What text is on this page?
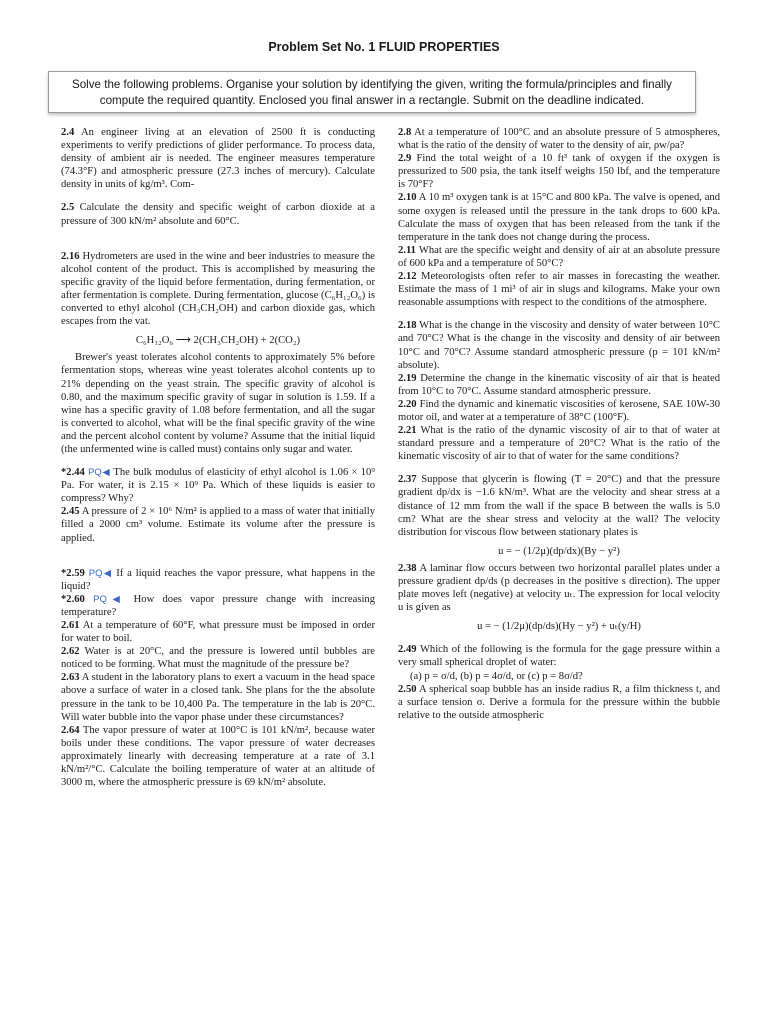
Problem Set No. 1 FLUID PROPERTIES
Solve the following problems. Organise your solution by identifying the given, writing the formula/principles and finally compute the required quantity. Enclosed you final answer in a rectangle. Submit on the deadline indicated.

2.4 An engineer living at an elevation of 2500 ft is conducting experiments to verify predictions of glider performance. To process data, density of ambient air is needed. The engineer measures temperature (74.3°F) and atmospheric pressure (27.3 inches of mercury). Calculate density in units of kg/m³. Com-

2.5 Calculate the density and specific weight of carbon dioxide at a pressure of 300 kN/m² absolute and 60°C.

2.16 Hydrometers are used in the wine and beer industries to measure the alcohol content of the product. This is accomplished by measuring the specific gravity of the liquid before fermentation, during fermentation, or after fermentation is complete. During fermentation, glucose (C₆H₁₂O₆) is converted to ethyl alcohol (CH₃CH₂OH) and carbon dioxide gas, which escapes from the vat.

C₆H₁₂O₆ ⟶ 2(CH₃CH₂OH) + 2(CO₂)

Brewer's yeast tolerates alcohol contents to approximately 5% before fermentation stops, whereas wine yeast tolerates alcohol contents up to 21% depending on the yeast strain. The specific gravity of alcohol is 0.80, and the maximum specific gravity of sugar in solution is 1.59. If a wine has a specific gravity of 1.08 before fermentation, and all the sugar is converted to alcohol, what will be the final specific gravity of the wine and the percent alcohol content by volume? Assume that the initial liquid (the unfermented wine is called must) contains only sugar and water.

*2.44 PQ◀ The bulk modulus of elasticity of ethyl alcohol is 1.06 × 10⁹ Pa. For water, it is 2.15 × 10⁹ Pa. Which of these liquids is easier to compress? Why?

2.45 A pressure of 2 × 10⁶ N/m² is applied to a mass of water that initially filled a 2000 cm³ volume. Estimate its volume after the pressure is applied.

*2.59 PQ◀ If a liquid reaches the vapor pressure, what happens in the liquid?

*2.60 PQ◀ How does vapor pressure change with increasing temperature?

2.61 At a temperature of 60°F, what pressure must be imposed in order for water to boil.

2.62 Water is at 20°C, and the pressure is lowered until bubbles are noticed to be forming. What must the magnitude of the pressure be?

2.63 A student in the laboratory plans to exert a vacuum in the head space above a surface of water in a closed tank. She plans for the the absolute pressure in the tank to be 10,400 Pa. The temperature in the lab is 20°C. Will water bubble into the vapor phase under these circumstances?

2.64 The vapor pressure of water at 100°C is 101 kN/m², because water boils under these conditions. The vapor pressure of water decreases approximately linearly with decreasing temperature at a rate of 3.1 kN/m²/°C. Calculate the boiling temperature of water at an altitude of 3000 m, where the atmospheric pressure is 69 kN/m² absolute.

2.8 At a temperature of 100°C and an absolute pressure of 5 atmospheres, what is the ratio of the density of water to the density of air, ρw/ρa?

2.9 Find the total weight of a 10 ft³ tank of oxygen if the oxygen is pressurized to 500 psia, the tank itself weighs 150 lbf, and the temperature is 70°F?

2.10 A 10 m³ oxygen tank is at 15°C and 800 kPa. The valve is opened, and some oxygen is released until the pressure in the tank drops to 600 kPa. Calculate the mass of oxygen that has been released from the tank if the temperature in the tank does not change during the process.

2.11 What are the specific weight and density of air at an absolute pressure of 600 kPa and a temperature of 50°C?

2.12 Meteorologists often refer to air masses in forecasting the weather. Estimate the mass of 1 mi³ of air in slugs and kilograms. Make your own reasonable assumptions with respect to the conditions of the atmosphere.

2.18 What is the change in the viscosity and density of water between 10°C and 70°C? What is the change in the viscosity and density of air between 10°C and 70°C? Assume standard atmospheric pressure (p = 101 kN/m² absolute).

2.19 Determine the change in the kinematic viscosity of air that is heated from 10°C to 70°C. Assume standard atmospheric pressure.

2.20 Find the dynamic and kinematic viscosities of kerosene, SAE 10W-30 motor oil, and water at a temperature of 38°C (100°F).

2.21 What is the ratio of the dynamic viscosity of air to that of water at standard pressure and a temperature of 20°C? What is the ratio of the kinematic viscosity of air to that of water for the same conditions?

2.37 Suppose that glycerin is flowing (T = 20°C) and that the pressure gradient dp/dx is −1.6 kN/m³. What are the velocity and shear stress at a distance of 12 mm from the wall if the space B between the walls is 5.0 cm? What are the shear stress and velocity at the wall? The velocity distribution for viscous flow between stationary plates is

u = − (1/2μ)(dp/dx)(By − y²)

2.38 A laminar flow occurs between two horizontal parallel plates under a pressure gradient dp/ds (p decreases in the positive s direction). The upper plate moves left (negative) at velocity uₜ. The expression for local velocity u is given as

u = − (1/2μ)(dp/ds)(Hy − y²) + uₜ(y/H)

2.49 Which of the following is the formula for the gage pressure within a very small spherical droplet of water:

(a) p = σ/d, (b) p = 4σ/d, or (c) p = 8σ/d?

2.50 A spherical soap bubble has an inside radius R, a film thickness t, and a surface tension σ. Derive a formula for the pressure within the bubble relative to the outside atmospheric
